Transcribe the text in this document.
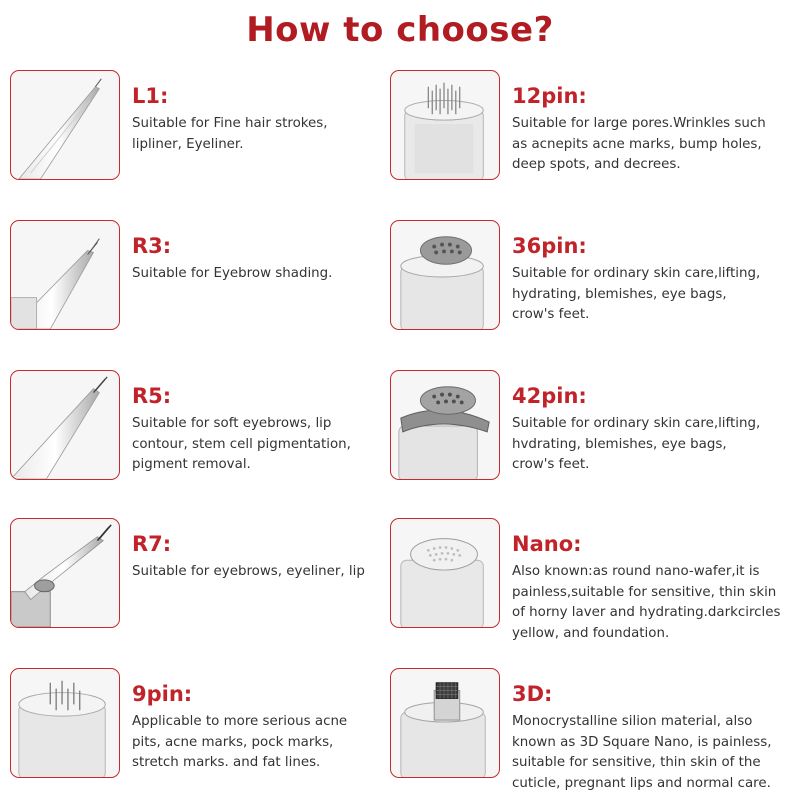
How to choose?
L1:
Suitable for Fine hair strokes,
lipliner, Eyeliner.
12pin:
Suitable for large pores.Wrinkles such
as acnepits acne marks, bump holes,
deep spots, and decrees.
R3:
Suitable for Eyebrow shading.
36pin:
Suitable for ordinary skin care,lifting,
hydrating, blemishes, eye bags,
crow's feet.
R5:
Suitable for soft eyebrows, lip
contour, stem cell pigmentation,
pigment removal.
42pin:
Suitable for ordinary skin care,lifting,
hvdrating, blemishes, eye bags,
crow's feet.
R7:
Suitable for eyebrows, eyeliner, lip
Nano:
Also known:as round nano-wafer,it is
painless,suitable for sensitive, thin skin
of horny laver and hydrating.darkcircles
yellow, and foundation.
9pin:
Applicable to more serious acne
pits, acne marks, pock marks,
stretch marks. and fat lines.
3D:
Monocrystalline silion material, also
known as 3D Square Nano, is painless,
suitable for sensitive, thin skin of the
cuticle, pregnant lips and normal care.
